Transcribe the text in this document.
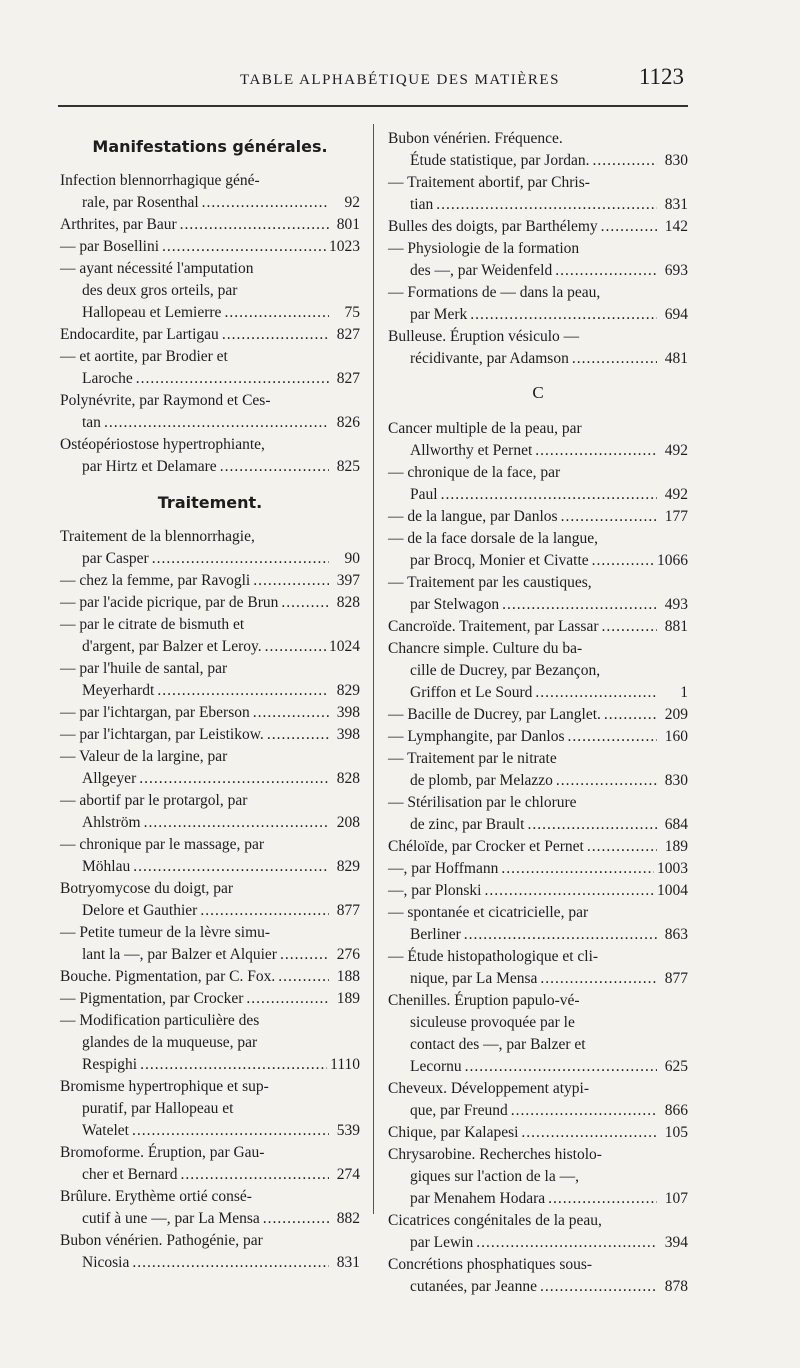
TABLE ALPHABÉTIQUE DES MATIÈRES	1123
Manifestations générales.
Infection blennorrhagique géné-
rale, par Rosenthal .....	92
Arthrites, par Baur .....	801
— par Bosellini .....	1023
— ayant nécessité l'amputation
des deux gros orteils, par
Hallopeau et Lemierre .....	75
Endocardite, par Lartigau .....	827
— et aortite, par Brodier et
Laroche .....	827
Polynévrite, par Raymond et Ces-
tan .....	826
Ostéopériostose hypertrophiante,
par Hirtz et Delamare .....	825
Traitement.
Traitement de la blennorrhagie,
par Casper .....	90
— chez la femme, par Ravogli .....	397
— par l'acide picrique, par de Brun .....	828
— par le citrate de bismuth et
d'argent, par Balzer et Leroy. .....	1024
— par l'huile de santal, par
Meyerhardt .....	829
— par l'ichtargan, par Eberson .....	398
— par l'ichtargan, par Leistikow. .....	398
— Valeur de la larginе, par
Allgeyer .....	828
— abortif par le protargol, par
Ahlström .....	208
— chronique par le massage, par
Möhlau .....	829
Botryomycose du doigt, par
Delore et Gauthier .....	877
— Petite tumeur de la lèvre simu-
lant la —, par Balzer et Alquier .....	276
Bouche. Pigmentation, par C. Fox. .....	188
— Pigmentation, par Crocker .....	189
— Modification particulière des
glandes de la muqueuse, par
Respighi .....	1110
Bromisme hypertrophique et sup-
puratif, par Hallopeau et
Watelet .....	539
Bromoforme. Éruption, par Gau-
cher et Bernard .....	274
Brûlure. Erythème ortié consé-
cutif à une —, par La Mensa .....	882
Bubon vénérien. Pathogénie, par
Nicosia .....	831
Bubon vénérien. Fréquence.
Étude statistique, par Jordan. .....	830
— Traitement abortif, par Chris-
tian .....	831
Bulles des doigts, par Barthélemy .....	142
— Physiologie de la formation
des —, par Weidenfeld .....	693
— Formations de — dans la peau,
par Merk .....	694
Bulleuse. Éruption vésiculo —
récidivante, par Adamson .....	481
C
Cancer multiple de la peau, par
Allworthy et Pernet .....	492
— chronique de la face, par
Paul .....	492
— de la langue, par Danlos .....	177
— de la face dorsale de la langue,
par Brocq, Monier et Civatte .....	1066
— Traitement par les caustiques,
par Stelwagon .....	493
Cancroïde. Traitement, par Lassar .....	881
Chancre simple. Culture du ba-
cille de Ducrey, par Bezançon,
Griffon et Le Sourd .....	1
— Bacille de Ducrey, par Langlet. .....	209
— Lymphangite, par Danlos .....	160
— Traitement par le nitrate
de plomb, par Melazzo .....	830
— Stérilisation par le chlorure
de zinc, par Brault .....	684
Chéloïde, par Crocker et Pernet .....	189
—, par Hoffmann .....	1003
—, par Plonski .....	1004
— spontanée et cicatricielle, par
Berliner .....	863
— Étude histopathologique et cli-
nique, par La Mensa .....	877
Chenilles. Éruption papulo-vé-
siculeuse provoquée par le
contact des —, par Balzer et
Lecornu .....	625
Cheveux. Développement atypi-
que, par Freund .....	866
Chique, par Kalapesi .....	105
Chrysarobine. Recherches histolo-
giques sur l'action de la —,
par Menahem Hodara .....	107
Cicatrices congénitales de la peau,
par Lewin .....	394
Concrétions phosphatiques sous-
cutanées, par Jeanne .....	878
